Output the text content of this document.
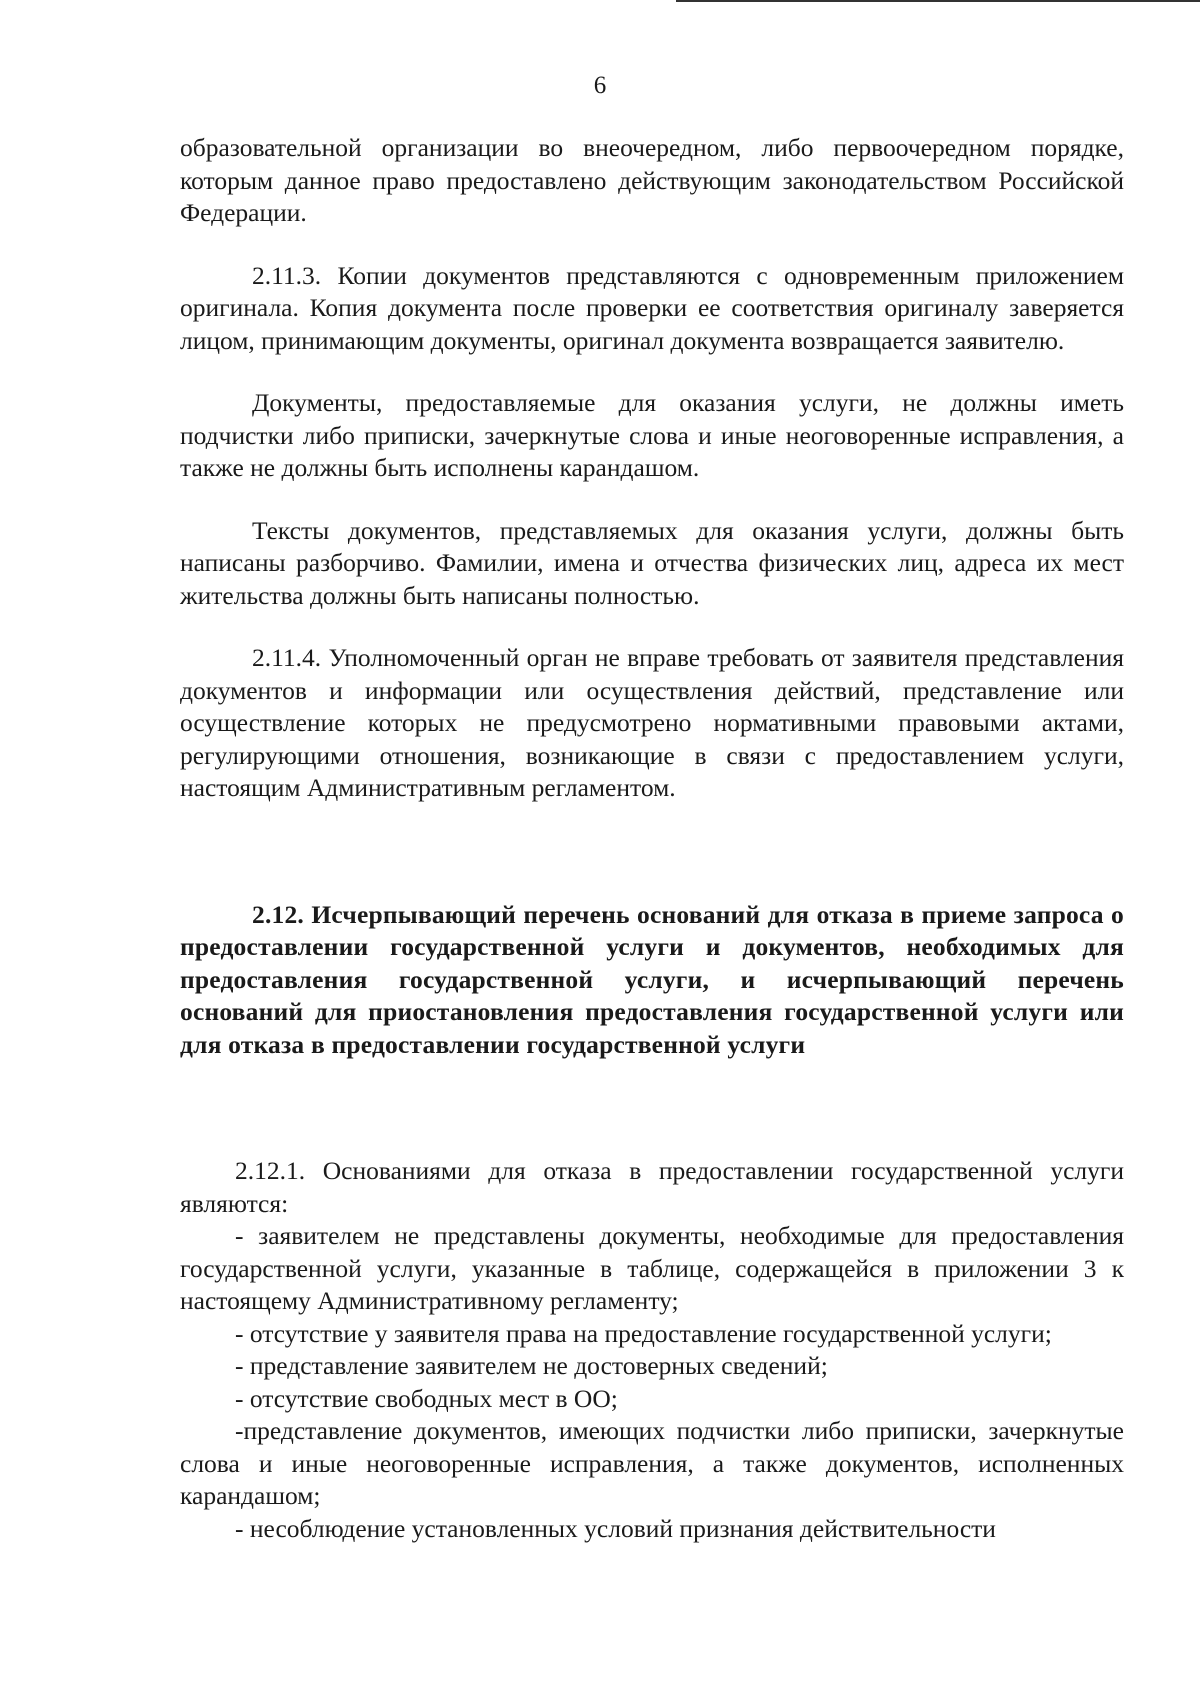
6

образовательной организации во внеочередном, либо первоочередном порядке, которым данное право предоставлено действующим законодательством Российской Федерации.

2.11.3. Копии документов представляются с одновременным приложением оригинала. Копия документа после проверки ее соответствия оригиналу заверяется лицом, принимающим документы, оригинал документа возвращается заявителю.

Документы, предоставляемые для оказания услуги, не должны иметь подчистки либо приписки, зачеркнутые слова и иные неоговоренные исправления, а также не должны быть исполнены карандашом.

Тексты документов, представляемых для оказания услуги, должны быть написаны разборчиво. Фамилии, имена и отчества физических лиц, адреса их мест жительства должны быть написаны полностью.

2.11.4. Уполномоченный орган не вправе требовать от заявителя представления документов и информации или осуществления действий, представление или осуществление которых не предусмотрено нормативными правовыми актами, регулирующими отношения, возникающие в связи с предоставлением услуги, настоящим Административным регламентом.

2.12. Исчерпывающий перечень оснований для отказа в приеме запроса о предоставлении государственной услуги и документов, необходимых для предоставления государственной услуги, и исчерпывающий перечень оснований для приостановления предоставления государственной услуги или для отказа в предоставлении государственной услуги

2.12.1. Основаниями для отказа в предоставлении государственной услуги являются:

- заявителем не представлены документы, необходимые для предоставления государственной услуги, указанные в таблице, содержащейся в приложении 3 к настоящему Административному регламенту;

- отсутствие у заявителя права на предоставление государственной услуги;

- представление заявителем не достоверных сведений;

- отсутствие свободных мест в ОО;

-представление документов, имеющих подчистки либо приписки, зачеркнутые слова и иные неоговоренные исправления, а также документов, исполненных карандашом;

- несоблюдение установленных условий признания действительности
